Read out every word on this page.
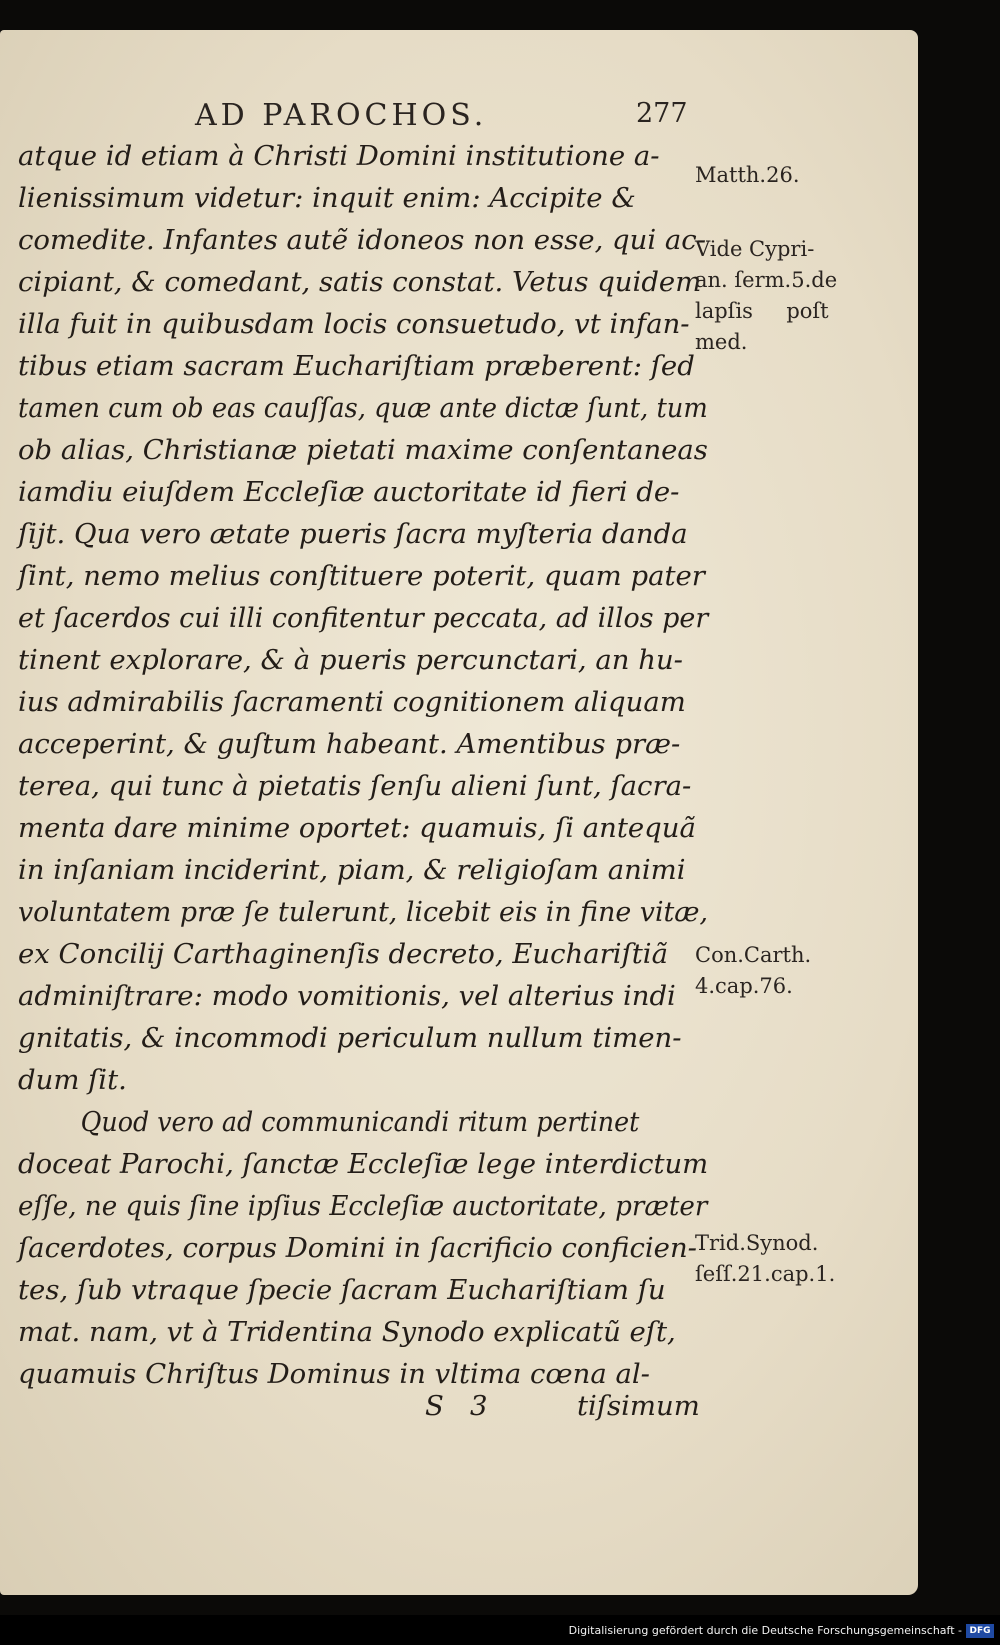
AD PAROCHOS.	277
atque id etiam à Christi Domini institutione a-
lienissimum videtur: inquit enim: Accipite &
comedite. Infantes autẽ idoneos non esse, qui ac-
cipiant, & comedant, satis constat. Vetus quidem
illa fuit in quibusdam locis consuetudo, vt infan-
tibus etiam sacram Euchariſtiam præberent: ſed
tamen cum ob eas cauſſas, quæ ante dictæ ſunt, tum
ob alias, Christianæ pietati maxime conſentaneas
iamdiu eiuſdem Eccleſiæ auctoritate id fieri de-
ſijt. Qua vero ætate pueris ſacra myſteria danda
ſint, nemo melius conſtituere poterit, quam pater
et ſacerdos cui illi confitentur peccata, ad illos per
tinent explorare, & à pueris percunctari, an hu-
ius admirabilis ſacramenti cognitionem aliquam
acceperint, & guſtum habeant. Amentibus præ-
terea, qui tunc à pietatis ſenſu alieni ſunt, ſacra-
menta dare minime oportet: quamuis, ſi antequã
in inſaniam inciderint, piam, & religioſam animi
voluntatem præ ſe tulerunt, licebit eis in fine vitæ,
ex Concilij Carthaginenſis decreto, Euchariſtiã
adminiſtrare: modo vomitionis, vel alterius indi
gnitatis, & incommodi periculum nullum timen-
dum ſit.
Quod vero ad communicandi ritum pertinet
doceat Parochi, ſanctæ Eccleſiæ lege interdictum
eſſe, ne quis ſine ipſius Eccleſiæ auctoritate, præter
ſacerdotes, corpus Domini in ſacrificio conficien-
tes, ſub vtraque ſpecie ſacram Euchariſtiam ſu
mat. nam, vt à Tridentina Synodo explicatũ eſt,
quamuis Chriſtus Dominus in vltima cœna al-
S 3	tiſsimum
Matth.26.
Vide Cypri-
an. ſerm.5.de
lapſis     poſt
med.
Con.Carth.
4.cap.76.
Trid.Synod.
ſeſſ.21.cap.1.
Digitalisierung gefördert durch die Deutsche Forschungsgemeinschaft - DFG
